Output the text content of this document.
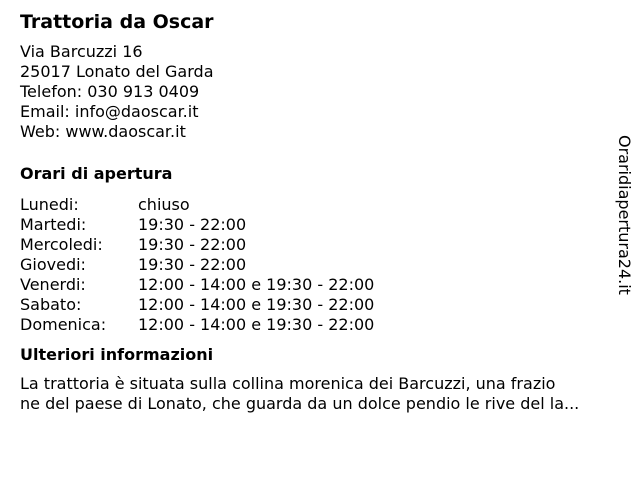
Trattoria da Oscar
Via Barcuzzi 16
25017 Lonato del Garda
Telefon: 030 913 0409
Email: info@daoscar.it
Web: www.daoscar.it
Orari di apertura
Lunedi:	chiuso
Martedi:	19:30 - 22:00
Mercoledi:	19:30 - 22:00
Giovedi:	19:30 - 22:00
Venerdi:	12:00 - 14:00 e 19:30 - 22:00
Sabato:	12:00 - 14:00 e 19:30 - 22:00
Domenica:	12:00 - 14:00 e 19:30 - 22:00
Ulteriori informazioni
La trattoria è situata sulla collina morenica dei Barcuzzi, una frazio
ne del paese di Lonato, che guarda da un dolce pendio le rive del la...
Oraridiapertura24.it
